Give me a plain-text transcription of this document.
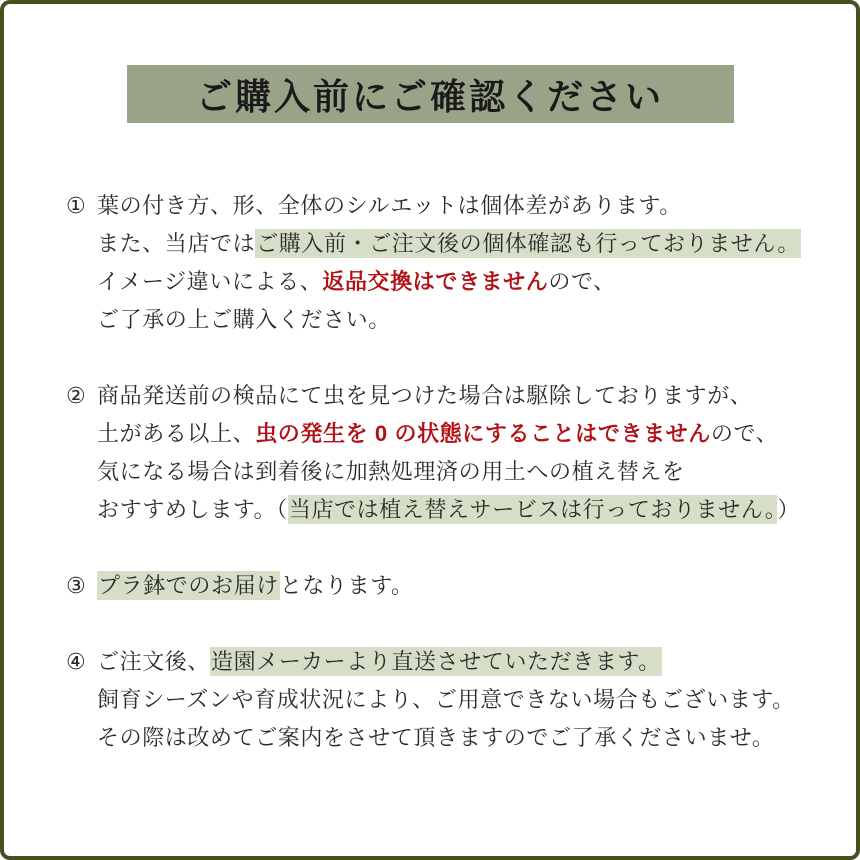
ご購入前にご確認ください
① 葉の付き方、形、全体のシルエットは個体差があります。
また、当店ではご購入前・ご注文後の個体確認も行っておりません。
イメージ違いによる、返品交換はできませんので、
ご了承の上ご購入ください。
② 商品発送前の検品にて虫を見つけた場合は駆除しておりますが、
土がある以上、虫の発生を 0 の状態にすることはできませんので、
気になる場合は到着後に加熱処理済の用土への植え替えを
おすすめします。（当店では植え替えサービスは行っておりません。）
③ プラ鉢でのお届けとなります。
④ ご注文後、造園メーカーより直送させていただきます。
飼育シーズンや育成状況により、ご用意できない場合もございます。
その際は改めてご案内をさせて頂きますのでご了承くださいませ。
